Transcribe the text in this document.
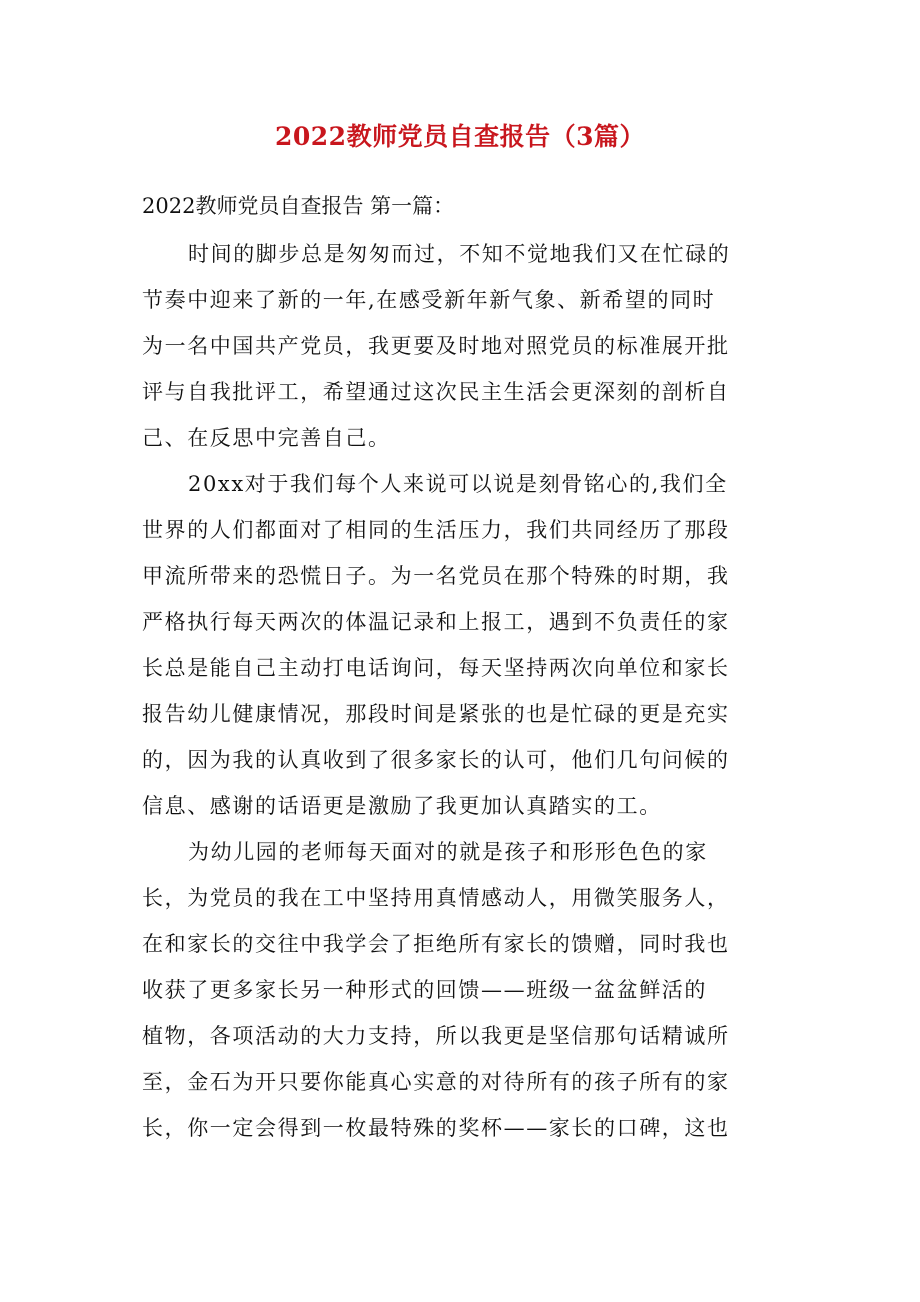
2022教师党员自查报告（3篇）
2022教师党员自查报告 第一篇：
时间的脚步总是匆匆而过，不知不觉地我们又在忙碌的
节奏中迎来了新的一年,在感受新年新气象、新希望的同时
为一名中国共产党员，我更要及时地对照党员的标准展开批
评与自我批评工，希望通过这次民主生活会更深刻的剖析自
己、在反思中完善自己。
20xx对于我们每个人来说可以说是刻骨铭心的,我们全
世界的人们都面对了相同的生活压力，我们共同经历了那段
甲流所带来的恐慌日子。为一名党员在那个特殊的时期，我
严格执行每天两次的体温记录和上报工，遇到不负责任的家
长总是能自己主动打电话询问，每天坚持两次向单位和家长
报告幼儿健康情况，那段时间是紧张的也是忙碌的更是充实
的，因为我的认真收到了很多家长的认可，他们几句问候的
信息、感谢的话语更是激励了我更加认真踏实的工。
为幼儿园的老师每天面对的就是孩子和形形色色的家
长，为党员的我在工中坚持用真情感动人，用微笑服务人，
在和家长的交往中我学会了拒绝所有家长的馈赠，同时我也
收获了更多家长另一种形式的回馈——班级一盆盆鲜活的
植物，各项活动的大力支持，所以我更是坚信那句话精诚所
至，金石为开只要你能真心实意的对待所有的孩子所有的家
长，你一定会得到一枚最特殊的奖杯——家长的口碑，这也
